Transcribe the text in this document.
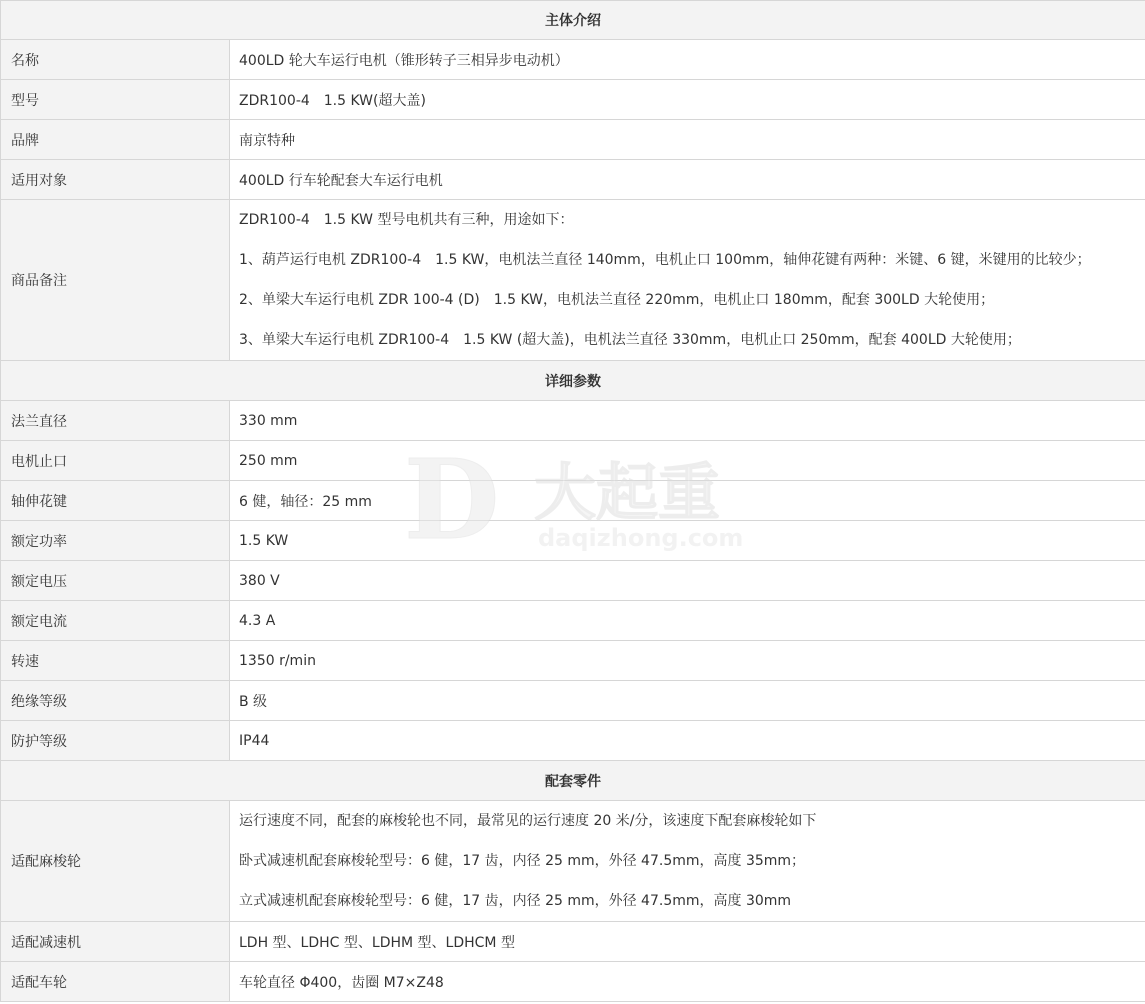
主体介绍	
名称	400LD 轮大车运行电机（锥形转子三相异步电动机）
型号	ZDR100-4　1.5 KW(超大盖)
品牌	南京特种
适用对象	400LD 行车轮配套大车运行电机
商品备注	ZDR100-4　1.5 KW 型号电机共有三种，用途如下：
1、葫芦运行电机 ZDR100-4　1.5 KW，电机法兰直径 140mm，电机止口 100mm，轴伸花键有两种：米键、6 键，米键用的比较少；
2、单梁大车运行电机 ZDR 100-4 (D)　1.5 KW，电机法兰直径 220mm，电机止口 180mm，配套 300LD 大轮使用；
3、单梁大车运行电机 ZDR100-4　1.5 KW (超大盖)，电机法兰直径 330mm，电机止口 250mm，配套 400LD 大轮使用；

详细参数	
法兰直径	330 mm
电机止口	250 mm
轴伸花键	6 健，轴径：25 mm
额定功率	1.5 KW
额定电压	380 V
额定电流	4.3 A
转速	1350 r/min
绝缘等级	B 级
防护等级	IP44
配套零件	
适配麻梭轮	运行速度不同，配套的麻梭轮也不同，最常见的运行速度 20 米/分，该速度下配套麻梭轮如下
卧式减速机配套麻梭轮型号：6 健，17 齿，内径 25 mm，外径 47.5mm，高度 35mm；
立式减速机配套麻梭轮型号：6 健，17 齿，内径 25 mm，外径 47.5mm，高度 30mm

适配减速机	LDH 型、LDHC 型、LDHM 型、LDHCM 型
适配车轮	车轮直径 Φ400，齿圈 M7×Z48
D 大起重
daqizhong.com
